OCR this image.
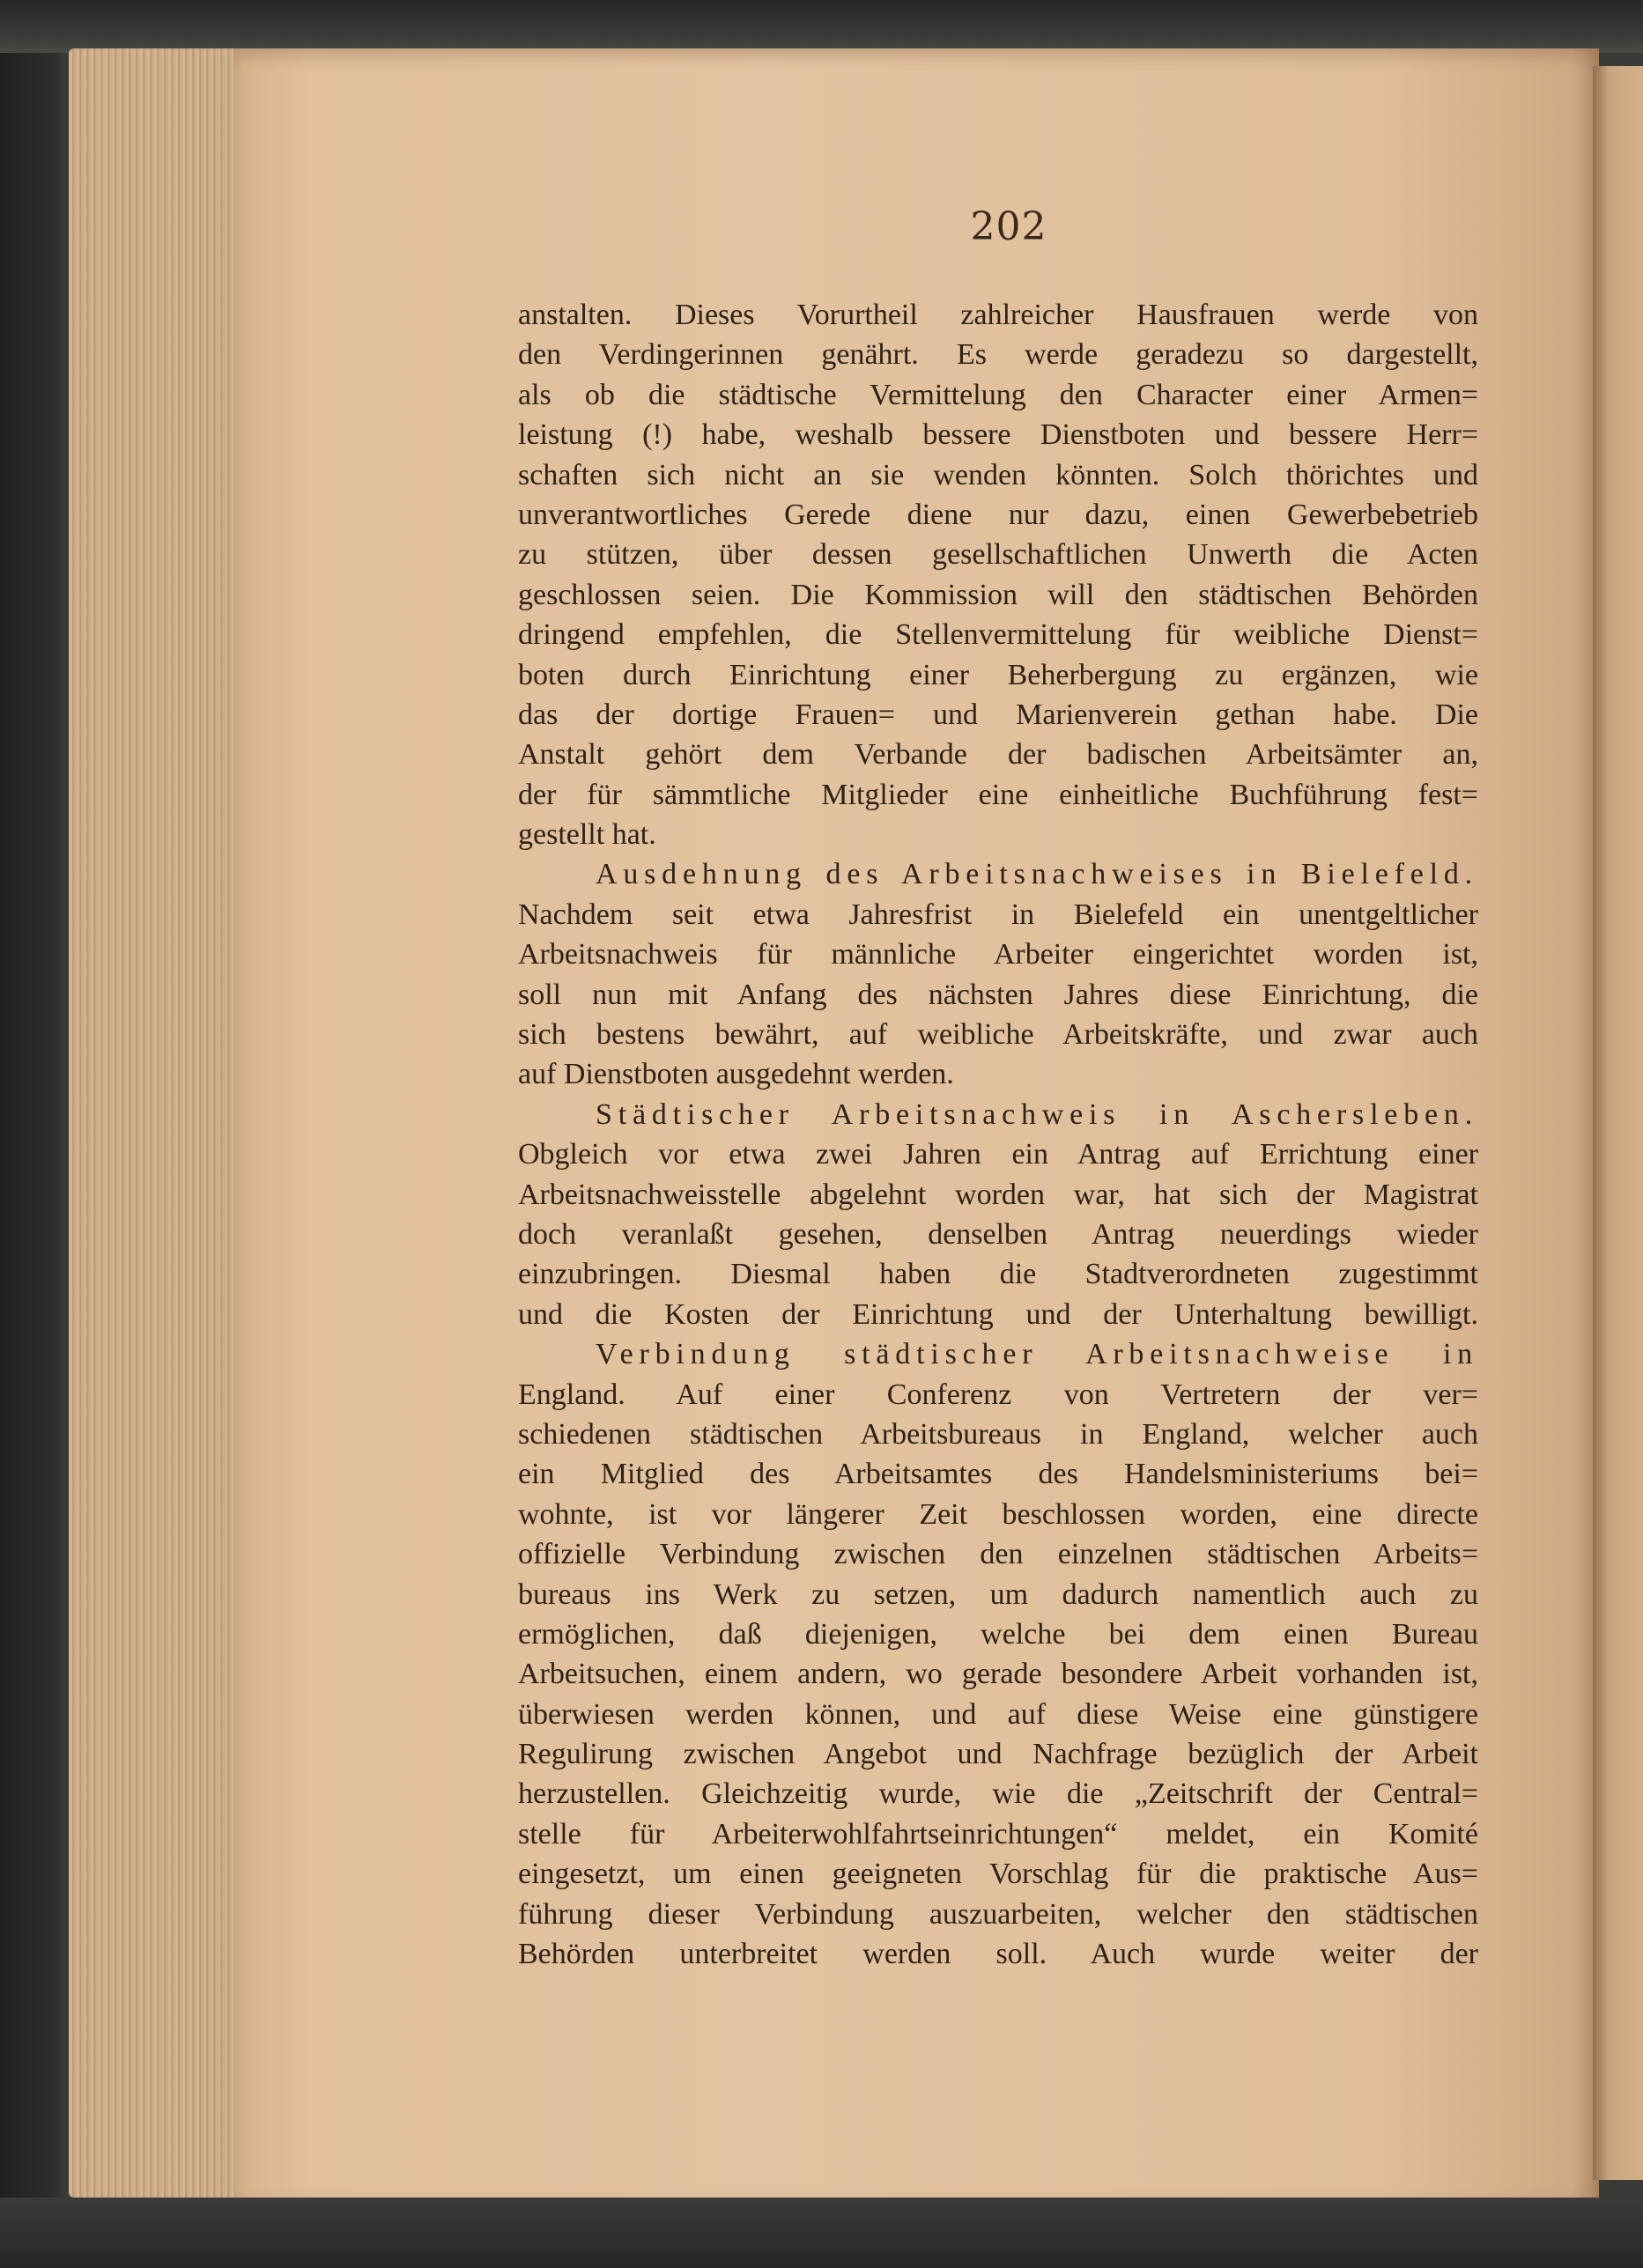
202
anstalten. Dieses Vorurtheil zahlreicher Hausfrauen werde von
den Verdingerinnen genährt. Es werde geradezu so dargestellt,
als ob die städtische Vermittelung den Character einer Armen=
leistung (!) habe, weshalb bessere Dienstboten und bessere Herr=
schaften sich nicht an sie wenden könnten. Solch thörichtes und
unverantwortliches Gerede diene nur dazu, einen Gewerbebetrieb
zu stützen, über dessen gesellschaftlichen Unwerth die Acten
geschlossen seien. Die Kommission will den städtischen Behörden
dringend empfehlen, die Stellenvermittelung für weibliche Dienst=
boten durch Einrichtung einer Beherbergung zu ergänzen, wie
das der dortige Frauen= und Marienverein gethan habe. Die
Anstalt gehört dem Verbande der badischen Arbeitsämter an,
der für sämmtliche Mitglieder eine einheitliche Buchführung fest=
gestellt hat.
Ausdehnung des Arbeitsnachweises in Bielefeld.
Nachdem seit etwa Jahresfrist in Bielefeld ein unentgeltlicher
Arbeitsnachweis für männliche Arbeiter eingerichtet worden ist,
soll nun mit Anfang des nächsten Jahres diese Einrichtung, die
sich bestens bewährt, auf weibliche Arbeitskräfte, und zwar auch
auf Dienstboten ausgedehnt werden.
Städtischer Arbeitsnachweis in Aschersleben.
Obgleich vor etwa zwei Jahren ein Antrag auf Errichtung einer
Arbeitsnachweisstelle abgelehnt worden war, hat sich der Magistrat
doch veranlaßt gesehen, denselben Antrag neuerdings wieder
einzubringen. Diesmal haben die Stadtverordneten zugestimmt
und die Kosten der Einrichtung und der Unterhaltung bewilligt.
Verbindung städtischer Arbeitsnachweise in
England. Auf einer Conferenz von Vertretern der ver=
schiedenen städtischen Arbeitsbureaus in England, welcher auch
ein Mitglied des Arbeitsamtes des Handelsministeriums bei=
wohnte, ist vor längerer Zeit beschlossen worden, eine directe
offizielle Verbindung zwischen den einzelnen städtischen Arbeits=
bureaus ins Werk zu setzen, um dadurch namentlich auch zu
ermöglichen, daß diejenigen, welche bei dem einen Bureau
Arbeitsuchen, einem andern, wo gerade besondere Arbeit vorhanden ist,
überwiesen werden können, und auf diese Weise eine günstigere
Regulirung zwischen Angebot und Nachfrage bezüglich der Arbeit
herzustellen. Gleichzeitig wurde, wie die „Zeitschrift der Central=
stelle für Arbeiterwohlfahrtseinrichtungen“ meldet, ein Komité
eingesetzt, um einen geeigneten Vorschlag für die praktische Aus=
führung dieser Verbindung auszuarbeiten, welcher den städtischen
Behörden unterbreitet werden soll. Auch wurde weiter der
